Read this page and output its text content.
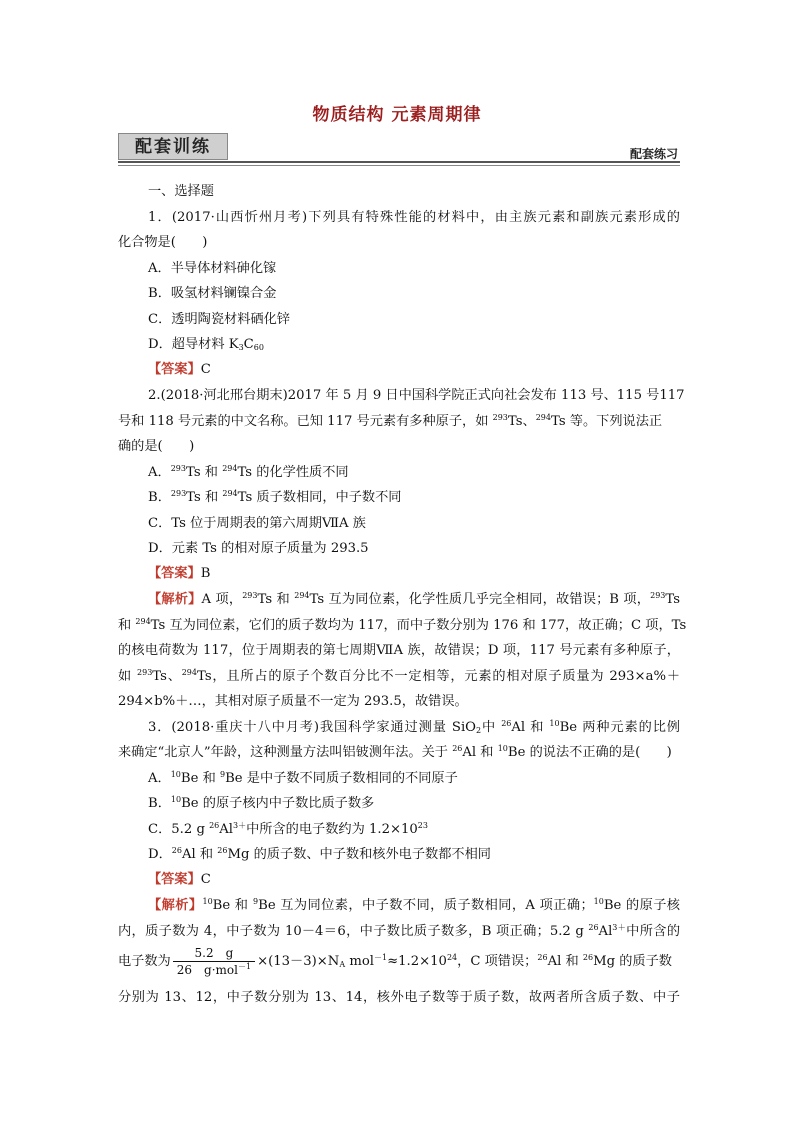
物质结构 元素周期律
配套训练	配套练习
一、选择题
1．(2017·山西忻州月考)下列具有特殊性能的材料中，由主族元素和副族元素形成的
化合物是(　　)
A．半导体材料砷化镓
B．吸氢材料镧镍合金
C．透明陶瓷材料硒化锌
D．超导材料 $K_3C_{60}$
【答案】C
2.(2018·河北邢台期末)2017 年 5 月 9 日中国科学院正式向社会发布 113 号、115 号117
号和 118 号元素的中文名称。已知 117 号元素有多种原子，如 $^{293}$Ts、$^{294}$Ts 等。下列说法正
确的是(　　)
A．$^{293}$Ts 和 $^{294}$Ts 的化学性质不同
B．$^{293}$Ts 和 $^{294}$Ts 质子数相同，中子数不同
C．Ts 位于周期表的第六周期ⅦA 族
D．元素 Ts 的相对原子质量为 293.5
【答案】B
【解析】A 项，$^{293}$Ts 和 $^{294}$Ts 互为同位素，化学性质几乎完全相同，故错误；B 项，$^{293}$Ts
和 $^{294}$Ts 互为同位素，它们的质子数均为 117，而中子数分别为 176 和 177，故正确；C 项，Ts
的核电荷数为 117，位于周期表的第七周期ⅦA 族，故错误；D 项，117 号元素有多种原子，
如 $^{293}$Ts、$^{294}$Ts，且所占的原子个数百分比不一定相等，元素的相对原子质量为 293×a%＋
294×b%＋…，其相对原子质量不一定为 293.5，故错误。
3．(2018·重庆十八中月考)我国科学家通过测量 SiO$_2$中 $^{26}$Al 和 $^{10}$Be 两种元素的比例
来确定“北京人”年龄，这种测量方法叫铝铍测年法。关于 $^{26}$Al 和 $^{10}$Be 的说法不正确的是(　　)
A．$^{10}$Be 和 $^9$Be 是中子数不同质子数相同的不同原子
B．$^{10}$Be 的原子核内中子数比质子数多
C．5.2 g $^{26}Al^{3+}$中所含的电子数约为 $1.2\times 10^{23}$
D．$^{26}$Al 和 $^{26}$Mg 的质子数、中子数和核外电子数都不相同
【答案】C
【解析】$^{10}$Be 和 $^9$Be 互为同位素，中子数不同，质子数相同，A 项正确；$^{10}$Be 的原子核
内，质子数为 4，中子数为 10－4＝6，中子数比质子数多，B 项正确；5.2 g $^{26}Al^{3+}$中所含的
电子数为 $\frac{5.2 g}{26 g\cdot mol^{-1}} \times(13-3)\times N_A$ $mol^{-1}\approx 1.2\times 10^{24}$，C 项错误；$^{26}$Al 和 $^{26}$Mg 的质子数
分别为 13、12，中子数分别为 13、14，核外电子数等于质子数，故两者所含质子数、中子
